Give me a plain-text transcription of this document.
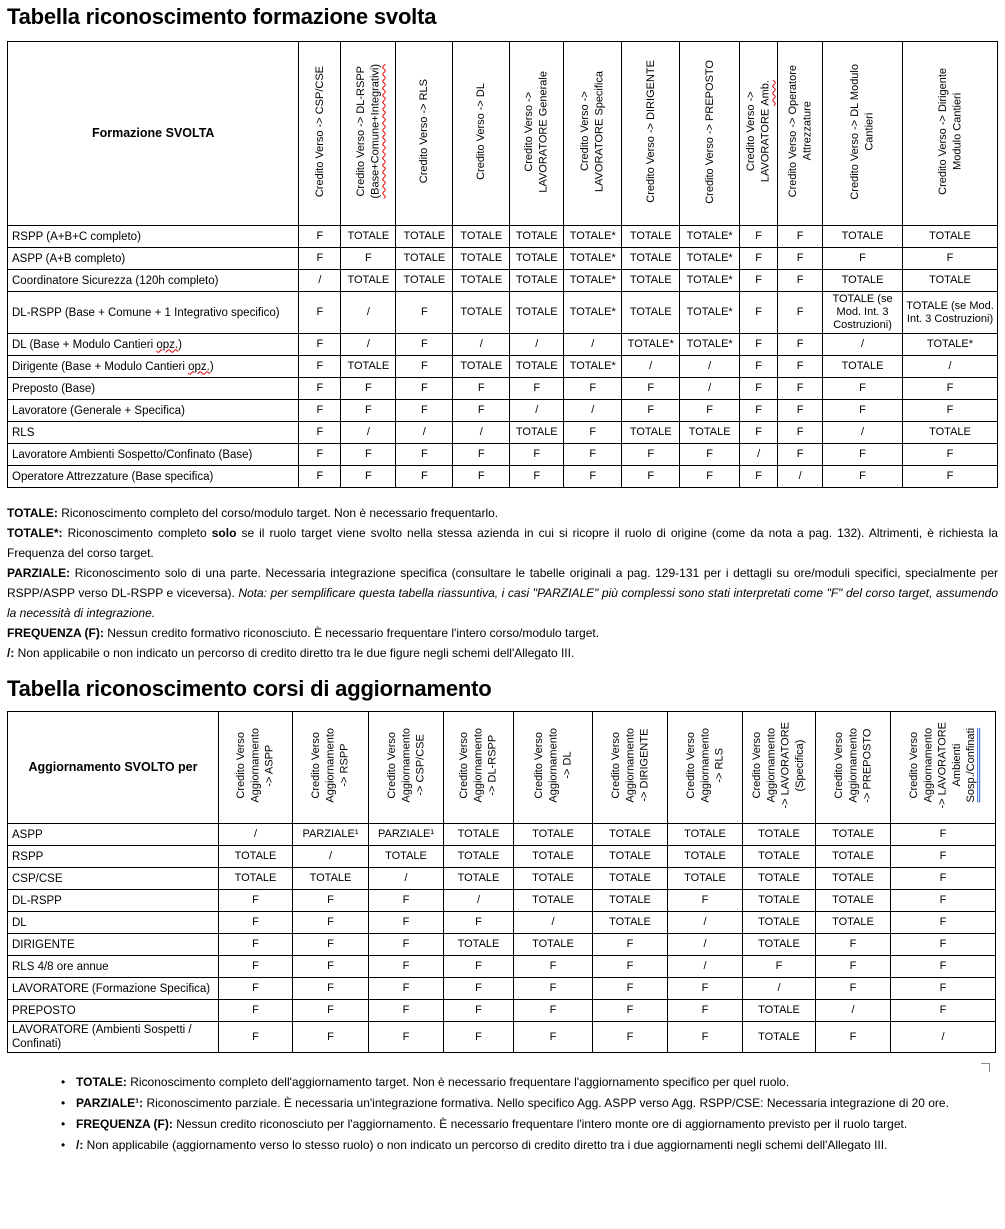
Tabella riconoscimento formazione svolta
Formazione SVOLTA	Credito Verso -> CSP/CSE	Credito Verso -> DL-RSPP (Base+Comune+Integrativi)	Credito Verso -> RLS	Credito Verso -> DL	Credito Verso -> LAVORATORE Generale	Credito Verso -> LAVORATORE Specifica	Credito Verso -> DIRIGENTE	Credito Verso -> PREPOSTO	Credito Verso -> LAVORATORE Amb.	Credito Verso -> Operatore Attrezzature	Credito Verso -> DL Modulo Cantieri	Credito Verso -> Dirigente Modulo Cantieri

RSPP (A+B+C completo)	F	TOTALE	TOTALE	TOTALE	TOTALE	TOTALE*	TOTALE	TOTALE*	F	F	TOTALE	TOTALE
ASPP (A+B completo)	F	F	TOTALE	TOTALE	TOTALE	TOTALE*	TOTALE	TOTALE*	F	F	F	F
Coordinatore Sicurezza (120h completo)	/	TOTALE	TOTALE	TOTALE	TOTALE	TOTALE*	TOTALE	TOTALE*	F	F	TOTALE	TOTALE
DL-RSPP (Base + Comune + 1 Integrativo specifico)	F	/	F	TOTALE	TOTALE	TOTALE*	TOTALE	TOTALE*	F	F	TOTALE (se Mod. Int. 3 Costruzioni)	TOTALE (se Mod. Int. 3 Costruzioni)
DL (Base + Modulo Cantieri opz.)	F	/	F	/	/	/	TOTALE*	TOTALE*	F	F	/	TOTALE*
Dirigente (Base + Modulo Cantieri opz.)	F	TOTALE	F	TOTALE	TOTALE	TOTALE*	/	/	F	F	TOTALE	/
Preposto (Base)	F	F	F	F	F	F	F	/	F	F	F	F
Lavoratore (Generale + Specifica)	F	F	F	F	/	/	F	F	F	F	F	F
RLS	F	/	/	/	TOTALE	F	TOTALE	TOTALE	F	F	/	TOTALE
Lavoratore Ambienti Sospetto/Confinato (Base)	F	F	F	F	F	F	F	F	/	F	F	F
Operatore Attrezzature (Base specifica)	F	F	F	F	F	F	F	F	F	/	F	F

TOTALE: Riconoscimento completo del corso/modulo target. Non è necessario frequentarlo.

TOTALE*: Riconoscimento completo solo se il ruolo target viene svolto nella stessa azienda in cui si ricopre il ruolo di origine (come da nota a pag. 132). Altrimenti, è richiesta la Frequenza del corso target.

PARZIALE: Riconoscimento solo di una parte. Necessaria integrazione specifica (consultare le tabelle originali a pag. 129-131 per i dettagli su ore/moduli specifici, specialmente per RSPP/ASPP verso DL-RSPP e viceversa). Nota: per semplificare questa tabella riassuntiva, i casi "PARZIALE" più complessi sono stati interpretati come "F" del corso target, assumendo la necessità di integrazione.

FREQUENZA (F): Nessun credito formativo riconosciuto. È necessario frequentare l'intero corso/modulo target.

/: Non applicabile o non indicato un percorso di credito diretto tra le due figure negli schemi dell'Allegato III.

Tabella riconoscimento corsi di aggiornamento
Aggiornamento SVOLTO per	Credito Verso Aggiornamento -> ASPP	Credito Verso Aggiornamento -> RSPP	Credito Verso Aggiornamento -> CSP/CSE	Credito Verso Aggiornamento -> DL-RSPP	Credito Verso Aggiornamento -> DL	Credito Verso Aggiornamento -> DIRIGENTE	Credito Verso Aggiornamento -> RLS	Credito Verso Aggiornamento -> LAVORATORE (Specifica)	Credito Verso Aggiornamento -> PREPOSTO	Credito Verso Aggiornamento -> LAVORATORE Ambienti Sosp./Confinati

ASPP	/	PARZIALE¹	PARZIALE¹	TOTALE	TOTALE	TOTALE	TOTALE	TOTALE	TOTALE	F
RSPP	TOTALE	/	TOTALE	TOTALE	TOTALE	TOTALE	TOTALE	TOTALE	TOTALE	F
CSP/CSE	TOTALE	TOTALE	/	TOTALE	TOTALE	TOTALE	TOTALE	TOTALE	TOTALE	F
DL-RSPP	F	F	F	/	TOTALE	TOTALE	F	TOTALE	TOTALE	F
DL	F	F	F	F	/	TOTALE	/	TOTALE	TOTALE	F
DIRIGENTE	F	F	F	TOTALE	TOTALE	F	/	TOTALE	F	F
RLS 4/8 ore annue	F	F	F	F	F	F	/	F	F	F
LAVORATORE (Formazione Specifica)	F	F	F	F	F	F	F	/	F	F
PREPOSTO	F	F	F	F	F	F	F	TOTALE	/	F
LAVORATORE (Ambienti Sospetti / Confinati)	F	F	F	F	F	F	F	TOTALE	F	/
• TOTALE: Riconoscimento completo dell'aggiornamento target. Non è necessario frequentare l'aggiornamento specifico per quel ruolo.
• PARZIALE¹: Riconoscimento parziale. È necessaria un'integrazione formativa. Nello specifico Agg. ASPP verso Agg. RSPP/CSE: Necessaria integrazione di 20 ore.
• FREQUENZA (F): Nessun credito riconosciuto per l'aggiornamento. È necessario frequentare l'intero monte ore di aggiornamento previsto per il ruolo target.
• /: Non applicabile (aggiornamento verso lo stesso ruolo) o non indicato un percorso di credito diretto tra i due aggiornamenti negli schemi dell'Allegato III.
